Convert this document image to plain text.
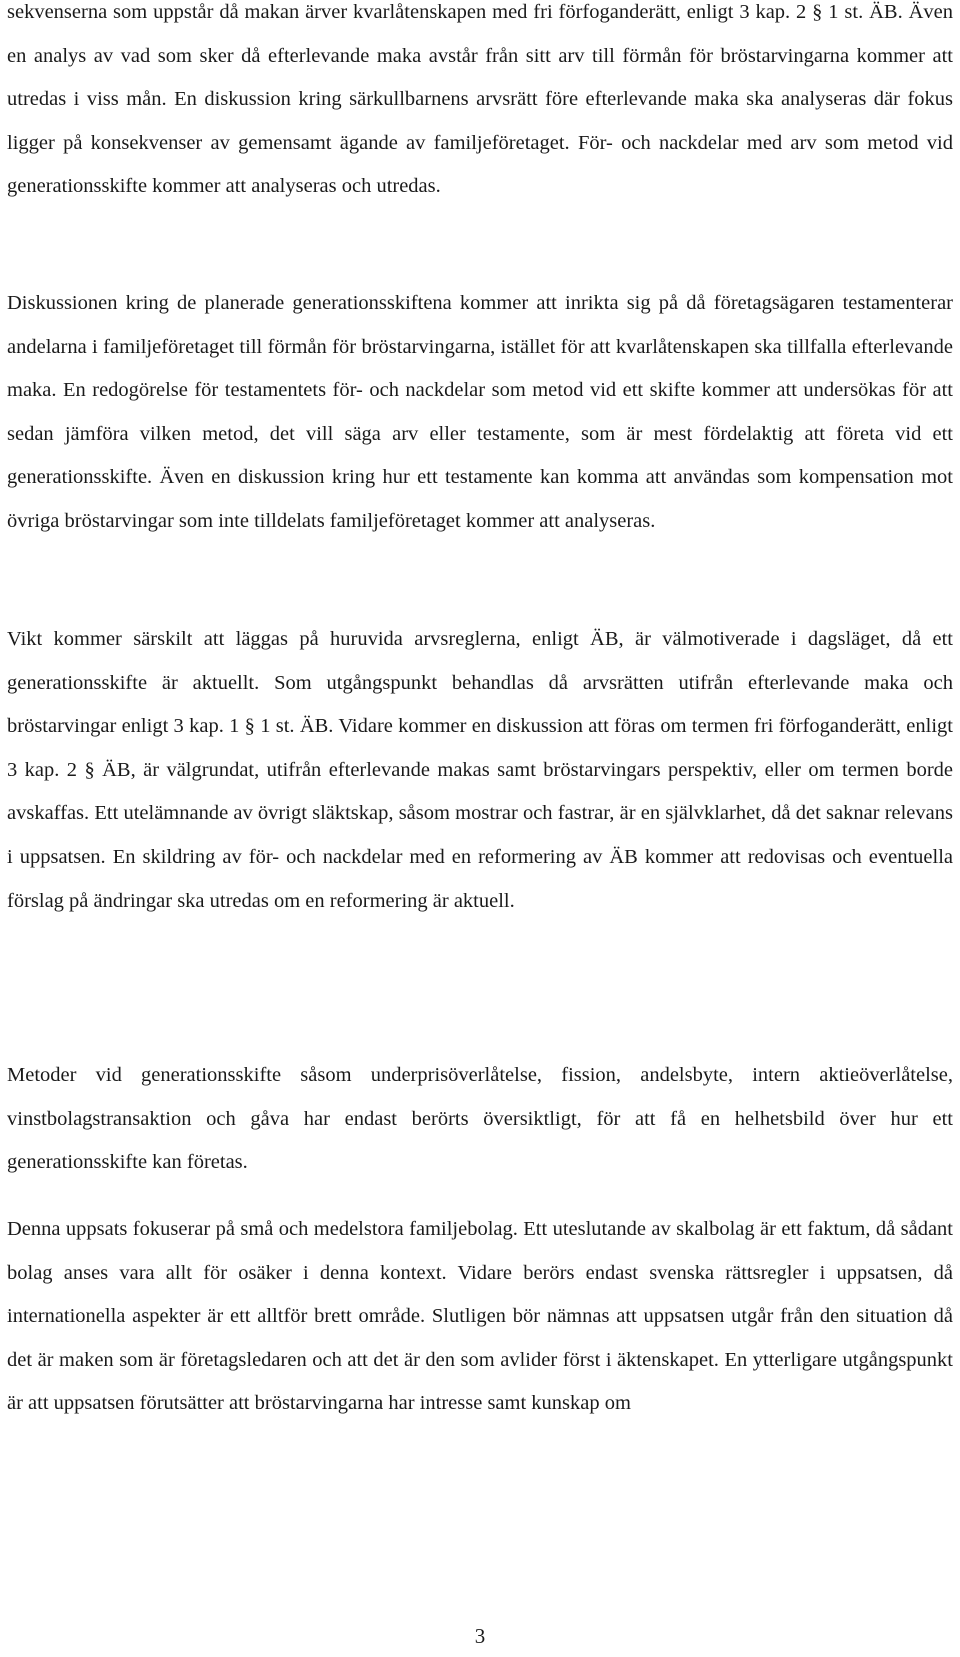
sekvenserna som uppstår då makan ärver kvarlåtenskapen med fri förfoganderätt, enligt 3 kap. 2 § 1 st. ÄB. Även en analys av vad som sker då efterlevande maka avstår från sitt arv till förmån för bröstarvingarna kommer att utredas i viss mån. En diskussion kring särkullbarnens arvsrätt före efterlevande maka ska analyseras där fokus ligger på konsekvenser av gemensamt ägande av familjeföretaget. För- och nackdelar med arv som metod vid generationsskifte kommer att analyseras och utredas.

Diskussionen kring de planerade generationsskiftena kommer att inrikta sig på då företagsägaren testamenterar andelarna i familjeföretaget till förmån för bröstarvingarna, istället för att kvarlåtenskapen ska tillfalla efterlevande maka. En redogörelse för testamentets för- och nackdelar som metod vid ett skifte kommer att undersökas för att sedan jämföra vilken metod, det vill säga arv eller testamente, som är mest fördelaktig att företa vid ett generationsskifte. Även en diskussion kring hur ett testamente kan komma att användas som kompensation mot övriga bröstarvingar som inte tilldelats familjeföretaget kommer att analyseras.

Vikt kommer särskilt att läggas på huruvida arvsreglerna, enligt ÄB, är välmotiverade i dagsläget, då ett generationsskifte är aktuellt. Som utgångspunkt behandlas då arvsrätten utifrån efterlevande maka och bröstarvingar enligt 3 kap. 1 § 1 st. ÄB. Vidare kommer en diskussion att föras om termen fri förfoganderätt, enligt 3 kap. 2 § ÄB, är välgrundat, utifrån efterlevande makas samt bröstarvingars perspektiv, eller om termen borde avskaffas. Ett utelämnande av övrigt släktskap, såsom mostrar och fastrar, är en självklarhet, då det saknar relevans i uppsatsen. En skildring av för- och nackdelar med en reformering av ÄB kommer att redovisas och eventuella förslag på ändringar ska utredas om en reformering är aktuell.

Metoder vid generationsskifte såsom underprisöverlåtelse, fission, andelsbyte, intern aktieöverlåtelse, vinstbolagstransaktion och gåva har endast berörts översiktligt, för att få en helhetsbild över hur ett generationsskifte kan företas.

Denna uppsats fokuserar på små och medelstora familjebolag. Ett uteslutande av skalbolag är ett faktum, då sådant bolag anses vara allt för osäker i denna kontext. Vidare berörs endast svenska rättsregler i uppsatsen, då internationella aspekter är ett alltför brett område. Slutligen bör nämnas att uppsatsen utgår från den situation då det är maken som är företagsledaren och att det är den som avlider först i äktenskapet. En ytterligare utgångspunkt är att uppsatsen förutsätter att bröstarvingarna har intresse samt kunskap om

3
